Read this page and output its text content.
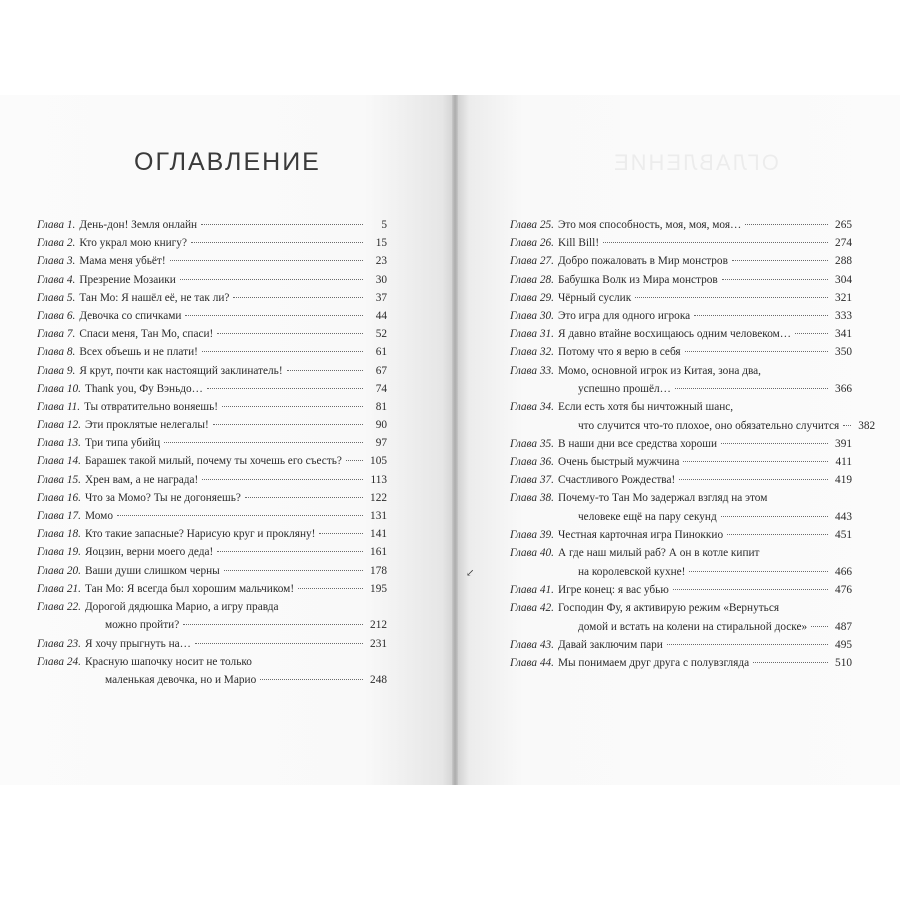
ОГЛАВЛЕНИЕ	ОГЛАВЛЕНИЕ
Глава 1. День-дон! Земля онлайн	5
Глава 2. Кто украл мою книгу?	15
Глава 3. Мама меня убьёт!	23
Глава 4. Презрение Мозаики	30
Глава 5. Тан Мо: Я нашёл её, не так ли?	37
Глава 6. Девочка со спичками	44
Глава 7. Спаси меня, Тан Мо, спаси!	52
Глава 8. Всех объешь и не плати!	61
Глава 9. Я крут, почти как настоящий заклинатель!	67
Глава 10. Thank you, Фу Вэньдо…	74
Глава 11. Ты отвратительно воняешь!	81
Глава 12. Эти проклятые нелегалы!	90
Глава 13. Три типа убийц	97
Глава 14. Барашек такой милый, почему ты хочешь его съесть? 105
Глава 15. Хрен вам, а не награда!	113
Глава 16. Что за Момо? Ты не догоняешь?	122
Глава 17. Момо	131
Глава 18. Кто такие запасные? Нарисую круг и прокляну!	141
Глава 19. Яоцзин, верни моего деда!	161
Глава 20. Ваши души слишком черны	178
Глава 21. Тан Мо: Я всегда был хорошим мальчиком!	195
Глава 22. Дорогой дядюшка Марио, а игру правда
можно пройти?	212
Глава 23. Я хочу прыгнуть на…	231
Глава 24. Красную шапочку носит не только
маленькая девочка, но и Марио	248
Глава 25. Это моя способность, моя, моя, моя…	265
Глава 26. Kill Bill!	274
Глава 27. Добро пожаловать в Мир монстров	288
Глава 28. Бабушка Волк из Мира монстров	304
Глава 29. Чёрный суслик	321
Глава 30. Это игра для одного игрока	333
Глава 31. Я давно втайне восхищаюсь одним человеком…	341
Глава 32. Потому что я верю в себя	350
Глава 33. Момо, основной игрок из Китая, зона два,
успешно прошёл…	366
Глава 34. Если есть хотя бы ничтожный шанс,
что случится что-то плохое, оно обязательно случится 382
Глава 35. В наши дни все средства хороши	391
Глава 36. Очень быстрый мужчина	411
Глава 37. Счастливого Рождества!	419
Глава 38. Почему-то Тан Мо задержал взгляд на этом
человеке ещё на пару секунд	443
Глава 39. Честная карточная игра Пиноккио	451
Глава 40. А где наш милый раб? А он в котле кипит
на королевской кухне!	466
Глава 41. Игре конец: я вас убью	476
Глава 42. Господин Фу, я активирую режим «Вернуться
домой и встать на колени на стиральной доске» 487
Глава 43. Давай заключим пари	495
Глава 44. Мы понимаем друг друга с полувзгляда	510
↙
